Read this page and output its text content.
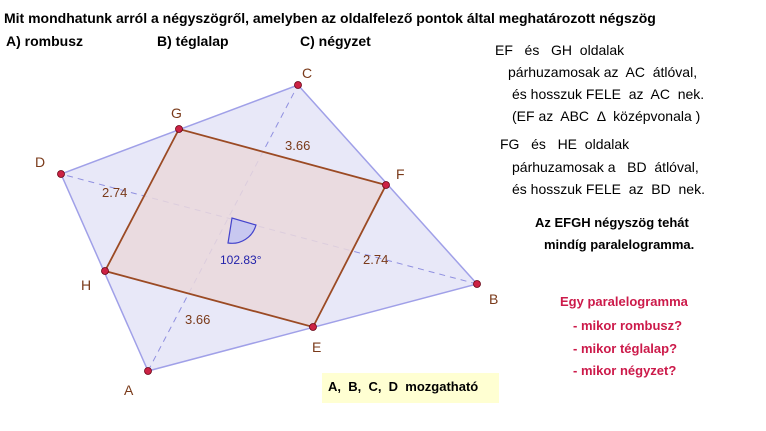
102.83°
A
B
C
D
E
F
G
H
3.66
2.74
3.66
2.74
Mit mondhatunk arról a négyszögről, amelyben az oldalfelező pontok által meghatározott négszög
A) rombusz	B) téglalap	C) négyzet
EF   és   GH  oldalak
párhuzamosak az  AC  átlóval,
és hosszuk FELE  az  AC  nek.
(EF az  ABC  Δ  középvonala )
FG   és   HE  oldalak
párhuzamosak a   BD  átlóval,
és hosszuk FELE  az  BD  nek.
Az EFGH négyszög tehát
mindíg paralelogramma.
Egy paralelogramma
- mikor rombusz?
- mikor téglalap?
- mikor négyzet?
A,  B,  C,  D  mozgatható
